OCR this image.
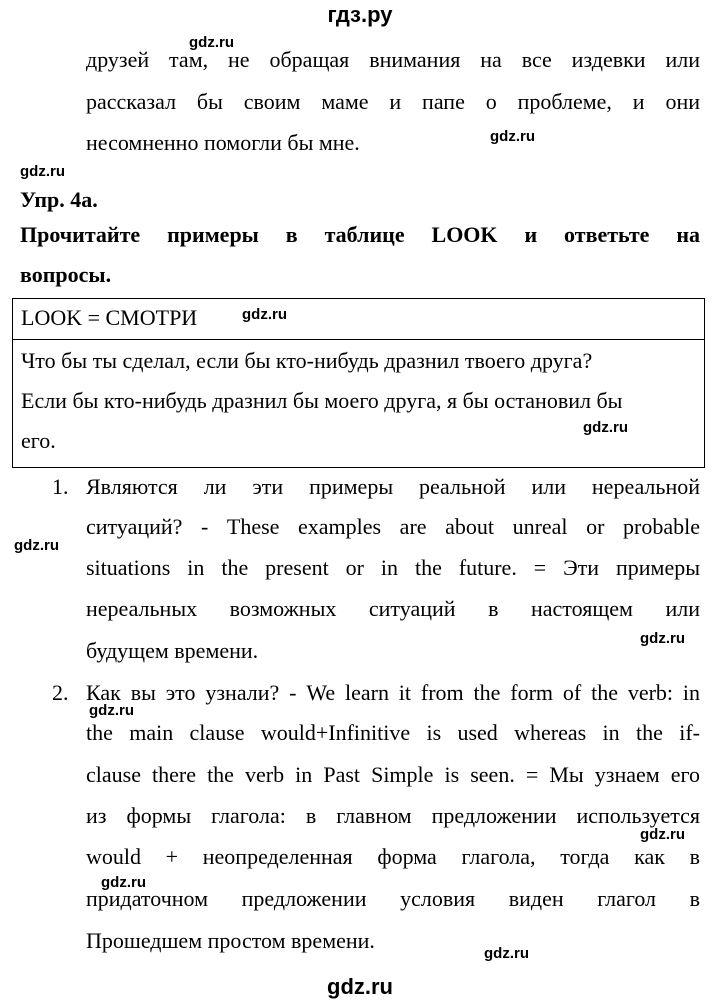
гдз.ру
друзей там, не обращая внимания на все издевки или
рассказал бы своим маме и папе о проблеме, и они
несомненно помогли бы мне.
Упр. 4a.
Прочитайте примеры в таблице LOOK и ответьте на
вопросы.
LOOK = СМОТРИ
Что бы ты сделал, если бы кто-нибудь дразнил твоего друга?
Если бы кто-нибудь дразнил бы моего друга, я бы остановил бы
его.
1. Являются ли эти примеры реальной или нереальной
ситуаций? - These examples are about unreal or probable
situations in the present or in the future. = Эти примеры
нереальных возможных ситуаций в настоящем или
будущем времени.
2. Как вы это узнали? - We learn it from the form of the verb: in
the main clause would+Infinitive is used whereas in the if-
clause there the verb in Past Simple is seen. = Мы узнаем его
из формы глагола: в главном предложении используется
would + неопределенная форма глагола, тогда как в
придаточном предложении условия виден глагол в
Прошедшем простом времени.
gdz.ru
gdz.ru
gdz.ru
gdz.ru
gdz.ru
gdz.ru
gdz.ru
gdz.ru
gdz.ru
gdz.ru
gdz.ru
gdz.ru
